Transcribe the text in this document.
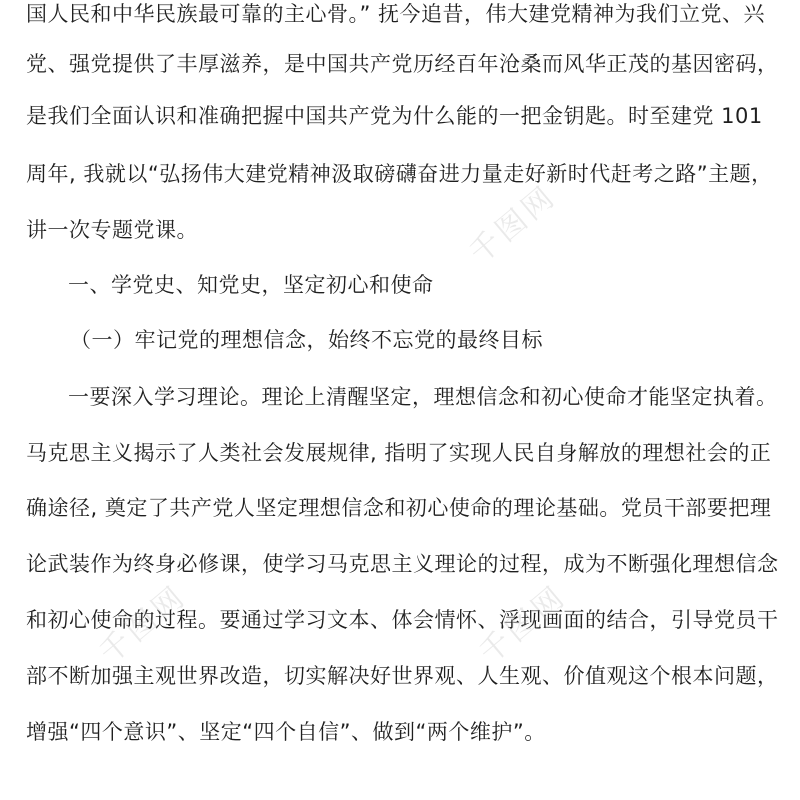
国人民和中华民族最可靠的主心骨。” 抚今追昔，伟大建党精神为我们立党、兴
党、强党提供了丰厚滋养，是中国共产党历经百年沧桑而风华正茂的基因密码，
是我们全面认识和准确把握中国共产党为什么能的一把金钥匙。时至建党 101
周年, 我就以“弘扬伟大建党精神汲取磅礴奋进力量走好新时代赶考之路”主题，
讲一次专题党课。
一、学党史、知党史，坚定初心和使命
（一）牢记党的理想信念，始终不忘党的最终目标
一要深入学习理论。理论上清醒坚定，理想信念和初心使命才能坚定执着。
马克思主义揭示了人类社会发展规律, 指明了实现人民自身解放的理想社会的正
确途径, 奠定了共产党人坚定理想信念和初心使命的理论基础。党员干部要把理
论武装作为终身必修课，使学习马克思主义理论的过程，成为不断强化理想信念
和初心使命的过程。要通过学习文本、体会情怀、浮现画面的结合，引导党员干
部不断加强主观世界改造，切实解决好世界观、人生观、价值观这个根本问题，
增强“四个意识”、坚定“四个自信”、做到“两个维护”。
千图网
千图网	千图网
